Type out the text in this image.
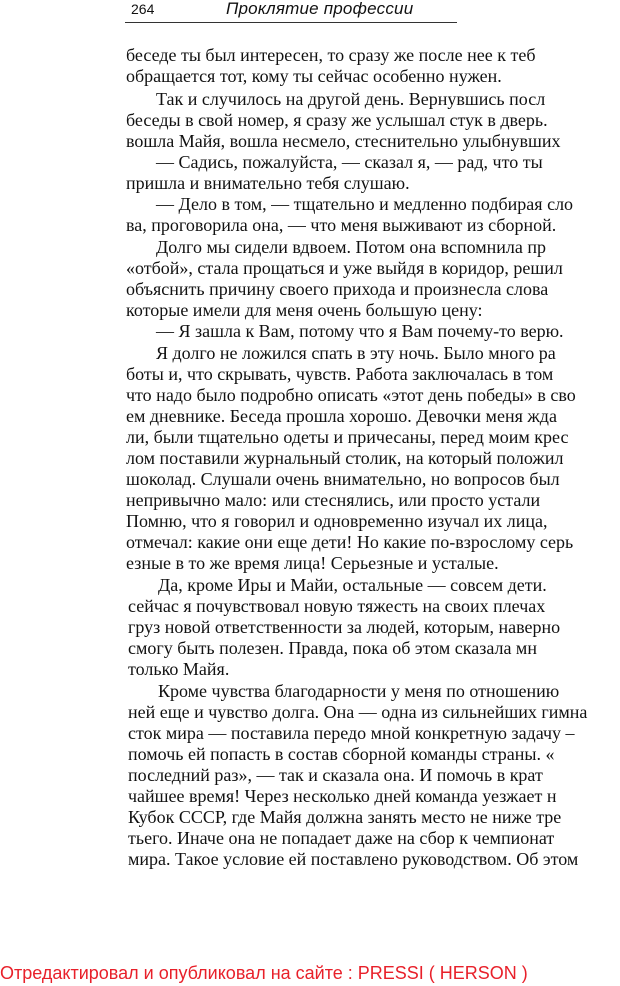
264	Проклятие профессии
беседе ты был интересен, то сразу же после нее к теб
обращается тот, кому ты сейчас особенно нужен.
Так и случилось на другой день. Вернувшись посл
беседы в свой номер, я сразу же услышал стук в дверь.
вошла Майя, вошла несмело, стеснительно улыбнувших
— Садись, пожалуйста, — сказал я, — рад, что ты
пришла и внимательно тебя слушаю.
— Дело в том, — тщательно и медленно подбирая сло
ва, проговорила она, — что меня выживают из сборной.
Долго мы сидели вдвоем. Потом она вспомнила пр
«отбой», стала прощаться и уже выйдя в коридор, решил
объяснить причину своего прихода и произнесла слова
которые имели для меня очень большую цену:
— Я зашла к Вам, потому что я Вам почему-то верю.
Я долго не ложился спать в эту ночь. Было много ра
боты и, что скрывать, чувств. Работа заключалась в том
что надо было подробно описать «этот день победы» в сво
ем дневнике. Беседа прошла хорошо. Девочки меня жда
ли, были тщательно одеты и причесаны, перед моим крес
лом поставили журнальный столик, на который положил
шоколад. Слушали очень внимательно, но вопросов был
непривычно мало: или стеснялись, или просто устали
Помню, что я говорил и одновременно изучал их лица,
отмечал: какие они еще дети! Но какие по-взрослому серь
езные в то же время лица! Серьезные и усталые.
Да, кроме Иры и Майи, остальные — совсем дети.
сейчас я почувствовал новую тяжесть на своих плечах
груз новой ответственности за людей, которым, наверно
смогу быть полезен. Правда, пока об этом сказала мн
только Майя.
Кроме чувства благодарности у меня по отношению
ней еще и чувство долга. Она — одна из сильнейших гимна
сток мира — поставила передо мной конкретную задачу –
помочь ей попасть в состав сборной команды страны. «
последний раз», — так и сказала она. И помочь в крат
чайшее время! Через несколько дней команда уезжает н
Кубок СССР, где Майя должна занять место не ниже тре
тьего. Иначе она не попадает даже на сбор к чемпионат
мира. Такое условие ей поставлено руководством. Об этом
Отредактировал и опубликовал на сайте : PRESSI ( HERSON )
